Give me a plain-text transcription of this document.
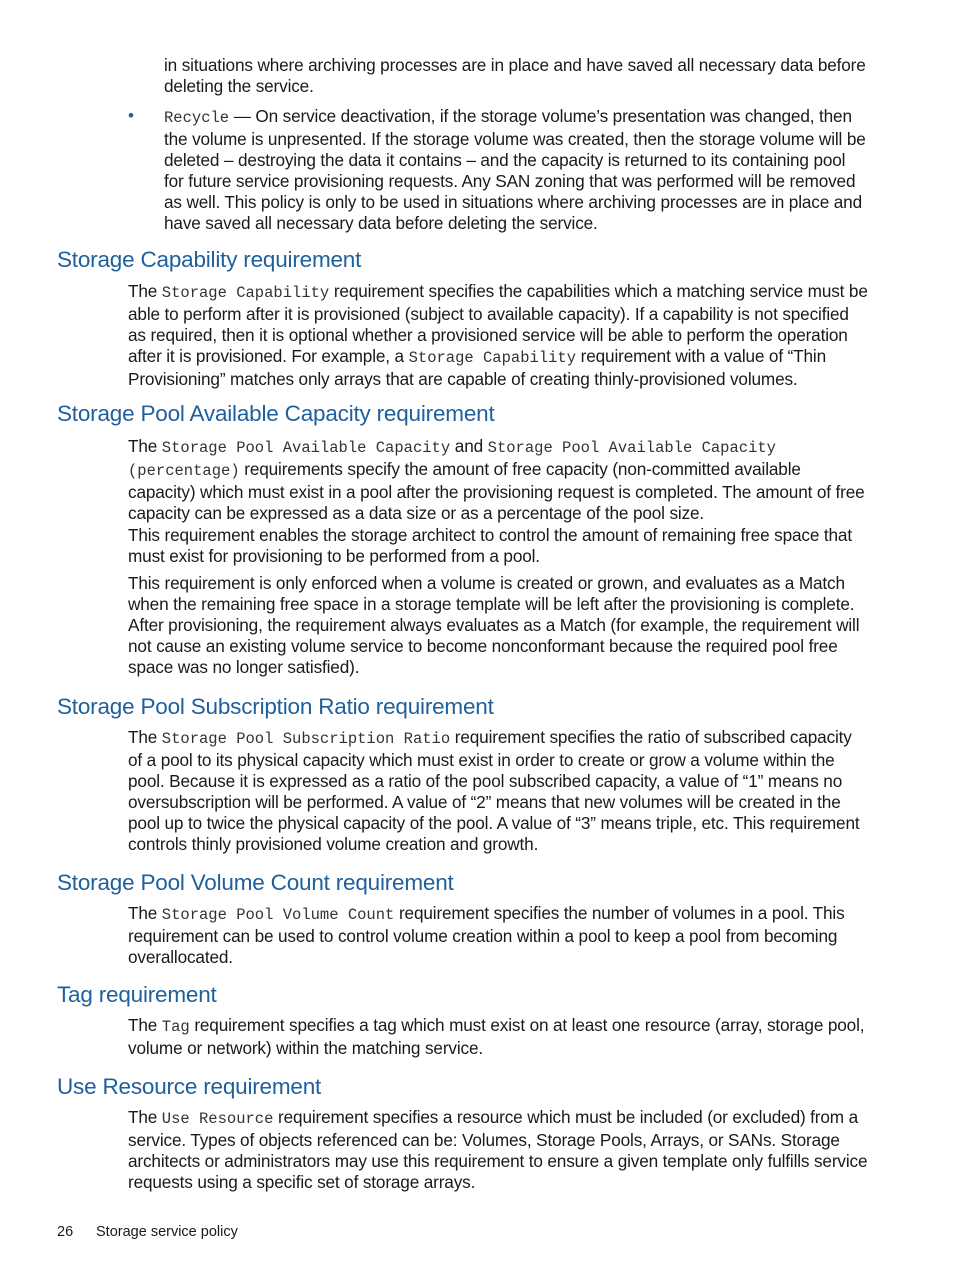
in situations where archiving processes are in place and have saved all necessary data before deleting the service.

• Recycle — On service deactivation, if the storage volume’s presentation was changed, then the volume is unpresented. If the storage volume was created, then the storage volume will be deleted – destroying the data it contains – and the capacity is returned to its containing pool for future service provisioning requests. Any SAN zoning that was performed will be removed as well. This policy is only to be used in situations where archiving processes are in place and have saved all necessary data before deleting the service.

Storage Capability requirement

The Storage Capability requirement specifies the capabilities which a matching service must be able to perform after it is provisioned (subject to available capacity). If a capability is not specified as required, then it is optional whether a provisioned service will be able to perform the operation after it is provisioned. For example, a Storage Capability requirement with a value of “Thin Provisioning” matches only arrays that are capable of creating thinly-provisioned volumes.

Storage Pool Available Capacity requirement

The Storage Pool Available Capacity and Storage Pool Available Capacity (percentage) requirements specify the amount of free capacity (non-committed available capacity) which must exist in a pool after the provisioning request is completed. The amount of free capacity can be expressed as a data size or as a percentage of the pool size.

This requirement enables the storage architect to control the amount of remaining free space that must exist for provisioning to be performed from a pool.

This requirement is only enforced when a volume is created or grown, and evaluates as a Match when the remaining free space in a storage template will be left after the provisioning is complete. After provisioning, the requirement always evaluates as a Match (for example, the requirement will not cause an existing volume service to become nonconformant because the required pool free space was no longer satisfied).

Storage Pool Subscription Ratio requirement

The Storage Pool Subscription Ratio requirement specifies the ratio of subscribed capacity of a pool to its physical capacity which must exist in order to create or grow a volume within the pool. Because it is expressed as a ratio of the pool subscribed capacity, a value of “1” means no oversubscription will be performed. A value of “2” means that new volumes will be created in the pool up to twice the physical capacity of the pool. A value of “3” means triple, etc. This requirement controls thinly provisioned volume creation and growth.

Storage Pool Volume Count requirement

The Storage Pool Volume Count requirement specifies the number of volumes in a pool. This requirement can be used to control volume creation within a pool to keep a pool from becoming overallocated.

Tag requirement

The Tag requirement specifies a tag which must exist on at least one resource (array, storage pool, volume or network) within the matching service.

Use Resource requirement

The Use Resource requirement specifies a resource which must be included (or excluded) from a service. Types of objects referenced can be: Volumes, Storage Pools, Arrays, or SANs. Storage architects or administrators may use this requirement to ensure a given template only fulfills service requests using a specific set of storage arrays.

26 Storage service policy
